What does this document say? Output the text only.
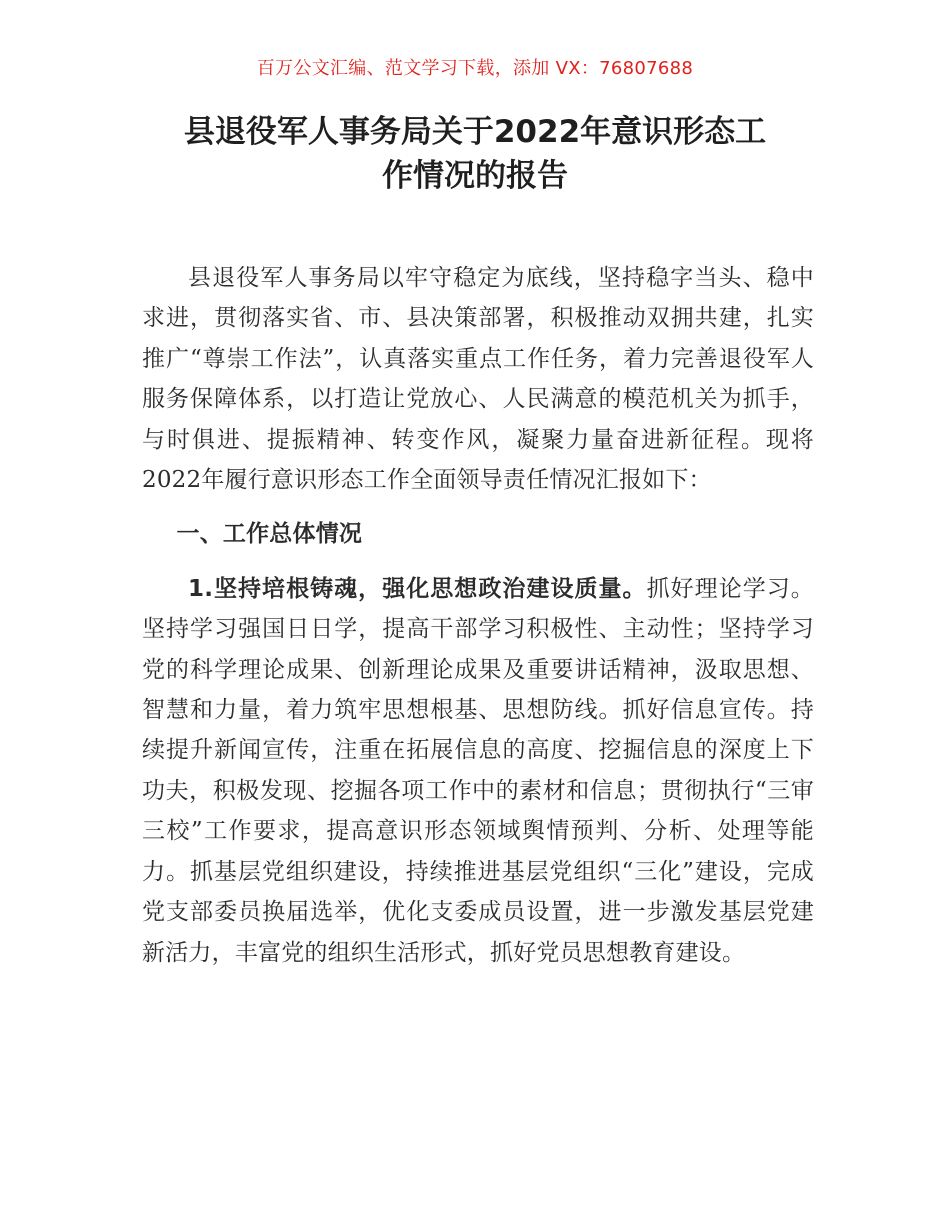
百万公文汇编、范文学习下载，添加 VX：76807688
县退役军人事务局关于2022年意识形态工
作情况的报告

县退役军人事务局以牢守稳定为底线，坚持稳字当头、稳中求进，贯彻落实省、市、县决策部署，积极推动双拥共建，扎实推广“尊崇工作法”，认真落实重点工作任务，着力完善退役军人服务保障体系，以打造让党放心、人民满意的模范机关为抓手，与时俱进、提振精神、转变作风，凝聚力量奋进新征程。现将2022年履行意识形态工作全面领导责任情况汇报如下：

一、工作总体情况

1.坚持培根铸魂，强化思想政治建设质量。抓好理论学习。坚持学习强国日日学，提高干部学习积极性、主动性；坚持学习党的科学理论成果、创新理论成果及重要讲话精神，汲取思想、智慧和力量，着力筑牢思想根基、思想防线。抓好信息宣传。持续提升新闻宣传，注重在拓展信息的高度、挖掘信息的深度上下功夫，积极发现、挖掘各项工作中的素材和信息；贯彻执行“三审三校”工作要求，提高意识形态领域舆情预判、分析、处理等能力。抓基层党组织建设，持续推进基层党组织“三化”建设，完成党支部委员换届选举，优化支委成员设置，进一步激发基层党建新活力，丰富党的组织生活形式，抓好党员思想教育建设。
